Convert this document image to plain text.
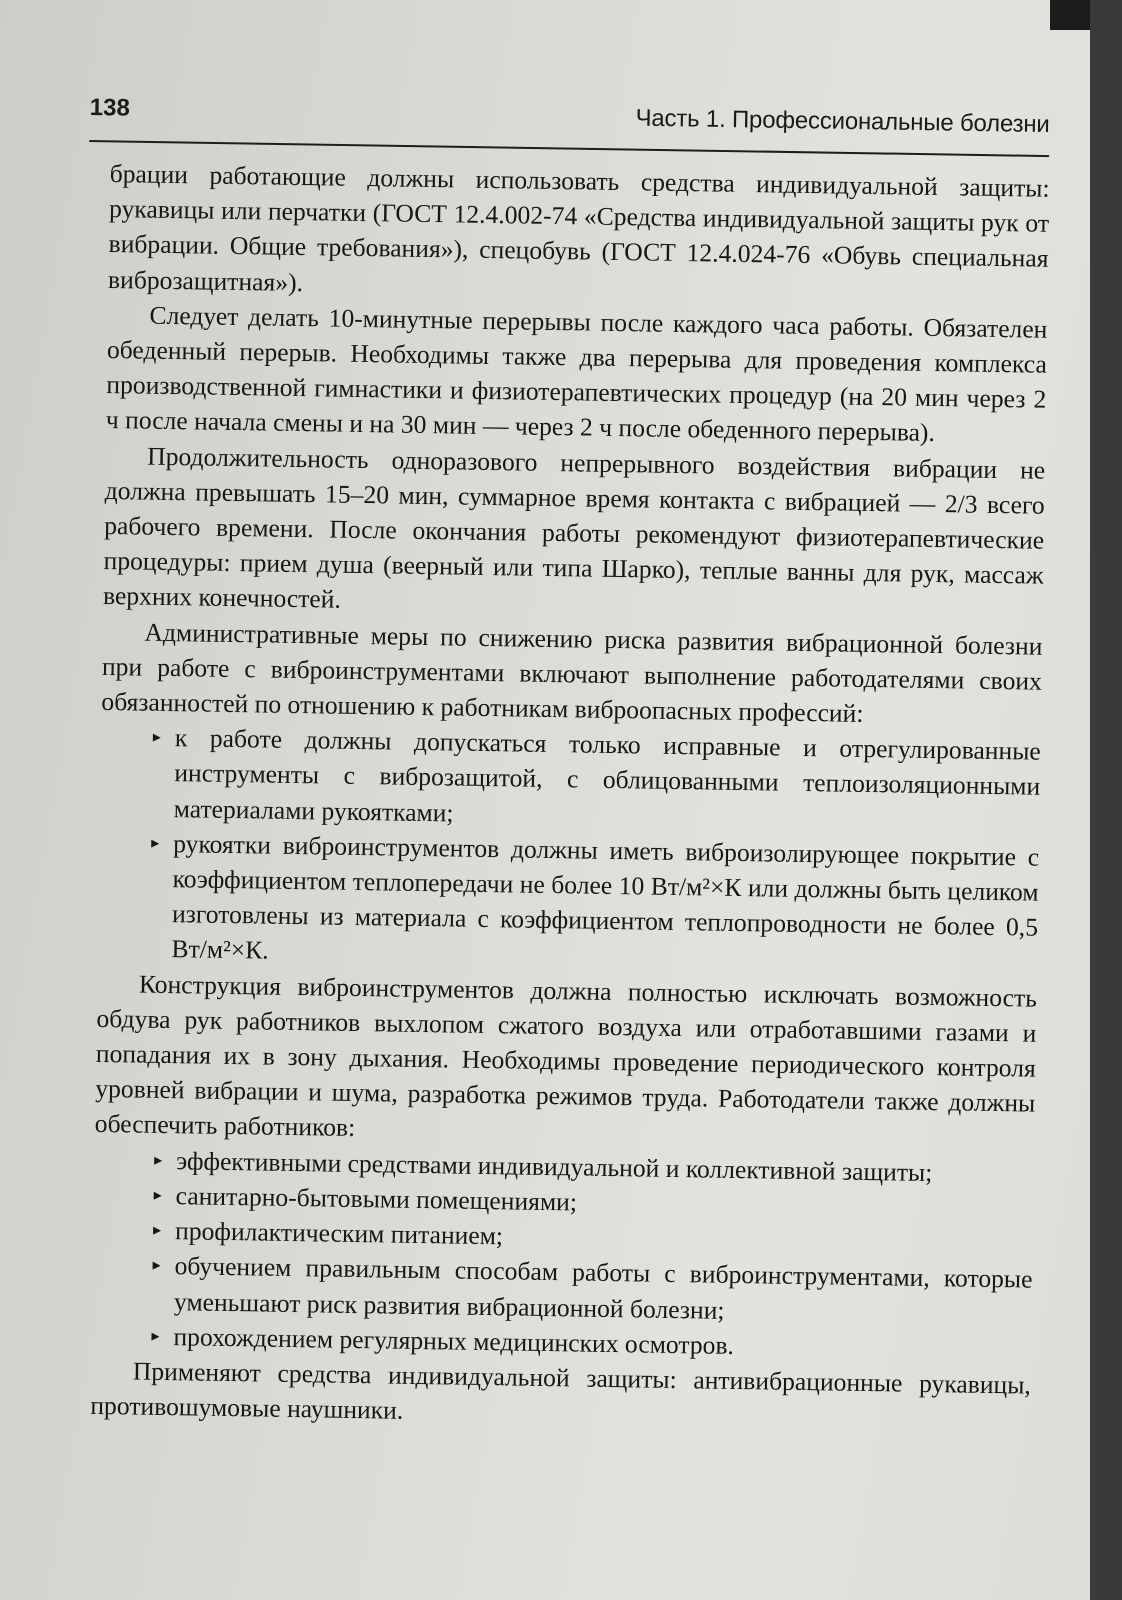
138	Часть 1. Профессиональные болезни

брации работающие должны использовать средства индивидуальной защиты: рукавицы или перчатки (ГОСТ 12.4.002-74 «Средства индивидуальной защиты рук от вибрации. Общие требования»), спецобувь (ГОСТ 12.4.024-76 «Обувь специальная виброзащитная»).

Следует делать 10-минутные перерывы после каждого часа работы. Обязателен обеденный перерыв. Необходимы также два перерыва для проведения комплекса производственной гимнастики и физиотерапевтических процедур (на 20 мин через 2 ч после начала смены и на 30 мин — через 2 ч после обеденного перерыва).

Продолжительность одноразового непрерывного воздействия вибрации не должна превышать 15–20 мин, суммарное время контакта с вибрацией — 2/3 всего рабочего времени. После окончания работы рекомендуют физиотерапевтические процедуры: прием душа (веерный или типа Шарко), теплые ванны для рук, массаж верхних конечностей.

Административные меры по снижению риска развития вибрационной болезни при работе с виброинструментами включают выполнение работодателями своих обязанностей по отношению к работникам виброопасных профессий:

▸ к работе должны допускаться только исправные и отрегулированные инструменты с виброзащитой, с облицованными теплоизоляционными материалами рукоятками;
▸ рукоятки виброинструментов должны иметь виброизолирующее покрытие с коэффициентом теплопередачи не более 10 Вт/м²×К или должны быть целиком изготовлены из материала с коэффициентом теплопроводности не более 0,5 Вт/м²×К.

Конструкция виброинструментов должна полностью исключать возможность обдува рук работников выхлопом сжатого воздуха или отработавшими газами и попадания их в зону дыхания. Необходимы проведение периодического контроля уровней вибрации и шума, разработка режимов труда. Работодатели также должны обеспечить работников:

▸ эффективными средствами индивидуальной и коллективной защиты;
▸ санитарно-бытовыми помещениями;
▸ профилактическим питанием;
▸ обучением правильным способам работы с виброинструментами, которые уменьшают риск развития вибрационной болезни;
▸ прохождением регулярных медицинских осмотров.

Применяют средства индивидуальной защиты: антивибрационные рукавицы, противошумовые наушники.
